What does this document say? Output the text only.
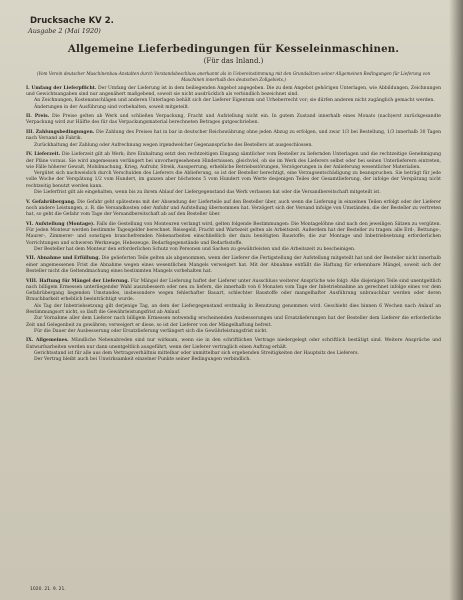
Drucksache KV 2.
Ausgabe 2 (Mai 1920)
Allgemeine Lieferbedingungen für Kesseleinmaschinen.
(Für das Inland.)
(Vom Verein deutscher Maschinenbau-Anstalten durch Vorstandsbeschluss anerkannt als in Uebereinstimmung mit den Grundsätzen seiner Allgemeinen Bedingungen für Lieferung von Maschinen innerhalb des deutschen Zollgebiets.)

I. Umfang der Lieferpflicht. Der Umfang der Lieferung ist in dem beiliegenden Angebot angegeben. Die zu dem Angebot gehörigen Unterlagen, wie Abbildungen, Zeichnungen und Gewichtsangaben sind nur angenähert maßgebend, soweit sie nicht ausdrücklich als verbindlich bezeichnet sind.

An Zeichnungen, Kostenanschlägen und anderen Unterlagen behält sich der Lieferer Eigentum und Urheberrecht vor; sie dürfen anderen nicht zugänglich gemacht werden.

Änderungen in der Ausführung sind vorbehalten, soweit mitgeteilt.

II. Preis. Die Preise gelten ab Werk und schließen Verpackung, Fracht und Aufstellung nicht ein. In gutem Zustand innerhalb eines Monats (nach)erst zurückgesandte Verpackung wird zur Hälfte des für das Verpackungsmaterial berechneten Betrages gutgeschrieben.

III. Zahlungsbedingungen. Die Zahlung des Preises hat in bar in deutscher Reichswährung ohne jeden Abzug zu erfolgen, und zwar 1/3 bei Bestellung, 1/3 innerhalb 30 Tagen nach Versand ab Fabrik.

Zurückhaltung der Zahlung oder Aufrechnung wegen irgendwelcher Gegenansprüche des Bestellers ist ausgeschlossen.

IV. Lieferzeit. Die Lieferzeit gilt ab Werk; ihre Einhaltung setzt den rechtzeitigen Eingang sämtlicher vom Besteller zu liefernden Unterlagen und die rechtzeitige Genehmigung der Pläne voraus. Sie wird angemessen verlängert bei unvorhergesehenen Hindernissen, gleichviel, ob sie im Werk des Lieferers selbst oder bei seinen Unterlieferern eintreten, wie Fälle höherer Gewalt, Mobilmachung, Krieg, Aufruhr, Streik, Aussperrung, erhebliche Betriebsstörungen, Verzögerungen in der Anlieferung wesentlicher Materialien.

Vergütet sich nachweislich durch Verschulden des Lieferers die Ablieferung, so ist der Besteller berechtigt, eine Verzugsentschädigung zu beanspruchen. Sie beträgt für jede volle Woche der Verspätung 1/2 vom Hundert, im ganzen aber höchstens 5 vom Hundert vom Werte desjenigen Teiles der Gesamtlieferung, der infolge der Verspätung nicht rechtzeitig benutzt werden kann.

Die Lieferfrist gilt als eingehalten, wenn bis zu ihrem Ablauf der Liefergegenstand das Werk verlassen hat oder die Versandbereitschaft mitgeteilt ist.

V. Gefahrübergang. Die Gefahr geht spätestens mit der Absendung der Lieferteile auf den Besteller über, auch wenn die Lieferung in einzelnen Teilen erfolgt oder der Lieferer noch andere Leistungen, z. B. die Versandkosten oder Anfuhr und Aufstellung übernommen hat. Verzögert sich der Versand infolge von Umständen, die der Besteller zu vertreten hat, so geht die Gefahr vom Tage der Versandbereitschaft ab auf den Besteller über.

VI. Aufstellung (Montage). Falls die Gestellung von Monteuren verlangt wird, gelten folgende Bestimmungen: Die Montagelöhne sind nach den jeweiligen Sätzen zu vergüten. Für jeden Monteur werden bestimmte Tagesgelder berechnet. Reisegeld, Fracht und Wartezeit gelten als Arbeitszeit. Außerdem hat der Besteller zu tragen: alle Erd-, Bettungs-, Maurer-, Zimmerer- und sonstigen branchefremden Nebenarbeiten einschließlich der dazu benötigten Baustoffe; die zur Montage und Inbetriebsetzung erforderlichen Vorrichtungen und schweren Werkzeuge, Hebezeuge, Bedarfsgegenstände und Bedarfsstoffe.

Der Besteller hat dem Monteur den erforderlichen Schutz von Personen und Sachen zu gewährleisten und die Arbeitszeit zu bescheinigen.

VII. Abnahme und Erfüllung. Die gelieferten Teile gelten als abgenommen, wenn der Lieferer die Fertigstellung der Aufstellung mitgeteilt hat und der Besteller nicht innerhalb einer angemessenen Frist die Abnahme wegen eines wesentlichen Mangels verweigert hat. Mit der Abnahme entfällt die Haftung für erkennbare Mängel, soweit sich der Besteller nicht die Geltendmachung eines bestimmten Mangels vorbehalten hat.

VIII. Haftung für Mängel der Lieferung. Für Mängel der Lieferung haftet der Lieferer unter Ausschluss weiterer Ansprüche wie folgt: Alle diejenigen Teile sind unentgeltlich nach billigem Ermessen unterliegender Wahl auszubessern oder neu zu liefern, die innerhalb von 6 Monaten vom Tage der Inbetriebnahme an gerechnet infolge eines vor dem Gefahrübergang liegenden Umstandes, insbesondere wegen fehlerhafter Bauart, schlechter Baustoffe oder mangelhafter Ausführung unbrauchbar werden oder deren Brauchbarkeit erheblich beeinträchtigt wurde.

Als Tag der Inbetriebsetzung gilt derjenige Tag, an dem der Liefergegenstand erstmalig in Benutzung genommen wird. Geschieht dies binnen 6 Wochen nach Anlauf an Bestimmungsort nicht, so läuft die Gewährleistungsfrist ab Anlauf.

Zur Vornahme aller dem Lieferer nach billigem Ermessen notwendig erscheinenden Ausbesserungen und Ersatzlieferungen hat der Besteller dem Lieferer die erforderliche Zeit und Gelegenheit zu gewähren; verweigert er diese, so ist der Lieferer von der Mängelhaftung befreit.

Für die Dauer der Ausbesserung oder Ersatzlieferung verlängert sich die Gewährleistungsfrist nicht.

IX. Allgemeines. Mündliche Nebenabreden sind nur wirksam, wenn sie in den schriftlichen Vertrage niedergelegt oder schriftlich bestätigt sind. Weitere Ansprüche und Entwurfsarbeiten werden nur dann unentgeltlich ausgeführt, wenn der Lieferer vertraglich einen Auftrag erhält.

Gerichtsstand ist für alle aus dem Vertragsverhältnis mittelbar oder unmittelbar sich ergebenden Streitigkeiten der Hauptsitz des Lieferers.

Der Vertrag bleibt auch bei Unwirksamkeit einzelner Punkte seiner Bedingungen verbindlich.

1020. 21. 9. 21.
